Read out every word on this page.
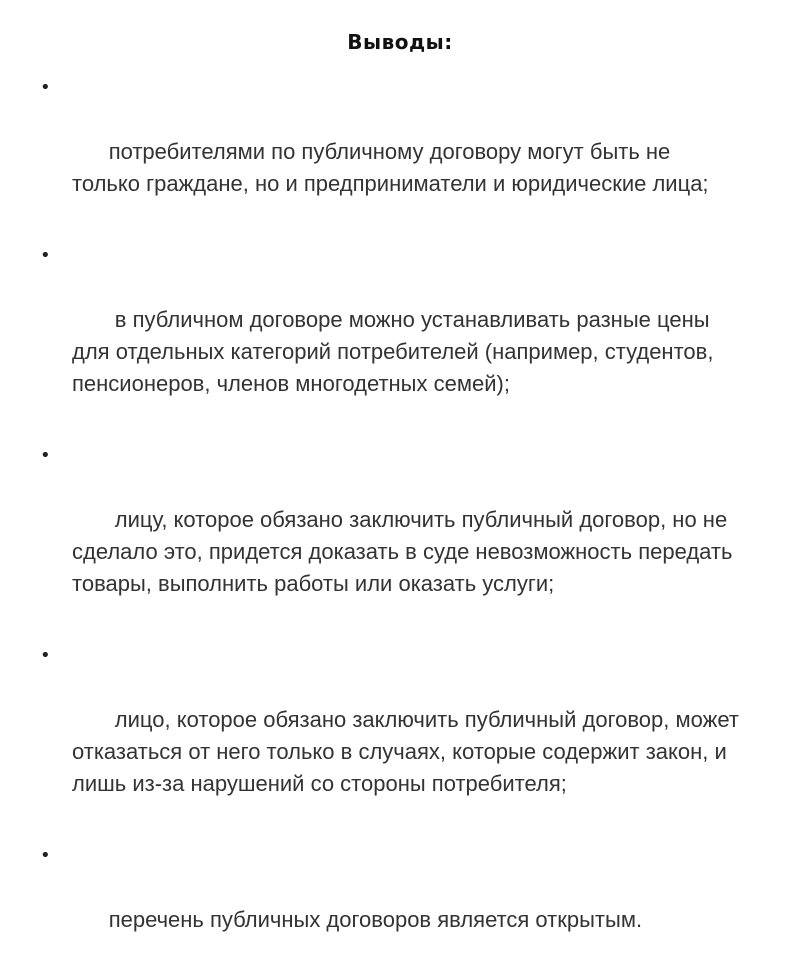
Выводы:

•

потребителями по публичному договору могут быть не только граждане, но и предприниматели и юридические лица;

•

в публичном договоре можно устанавливать разные цены для отдельных категорий потребителей (например, студентов, пенсионеров, членов многодетных семей);

•

лицу, которое обязано заключить публичный договор, но не сделало это, придется доказать в суде невозможность передать товары, выполнить работы или оказать услуги;

•

лицо, которое обязано заключить публичный договор, может отказаться от него только в случаях, которые содержит закон, и лишь из-за нарушений со стороны потребителя;

•

перечень публичных договоров является открытым.
